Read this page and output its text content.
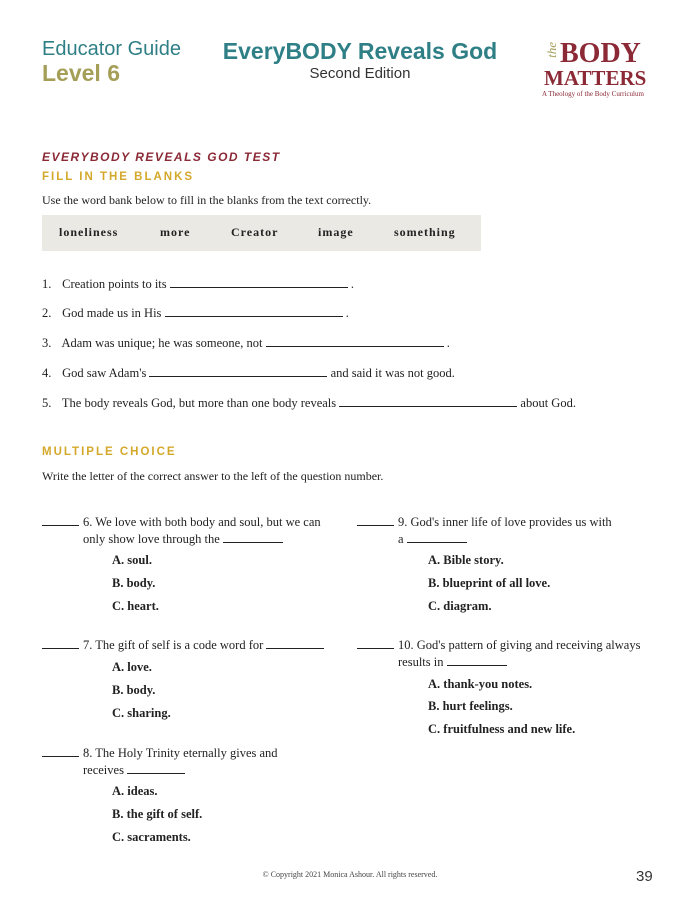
Educator Guide
Level 6
EveryBODY Reveals God
Second Edition
the BODY
MATTERS
A Theology of the Body Curriculum
EVERYBODY REVEALS GOD TEST
FILL IN THE BLANKS
Use the word bank below to fill in the blanks from the text correctly.
loneliness	more	Creator	image	something
1. Creation points to its	.
2. God made us in His	.
3. Adam was unique; he was someone, not	.
4. God saw Adam's	and said it was not good.
5. The body reveals God, but more than one body reveals	about God.
MULTIPLE CHOICE
Write the letter of the correct answer to the left of the question number.
6. We love with both body and soul, but we can
only show love through the
A. soul.
B. body.
C. heart.
7. The gift of self is a code word for
A. love.
B. body.
C. sharing.
8. The Holy Trinity eternally gives and
receives
A. ideas.
B. the gift of self.
C. sacraments.
9. God's inner life of love provides us with
a
A. Bible story.
B. blueprint of all love.
C. diagram.
10. God's pattern of giving and receiving always
results in
A. thank-you notes.
B. hurt feelings.
C. fruitfulness and new life.
© Copyright 2021 Monica Ashour. All rights reserved.	39
